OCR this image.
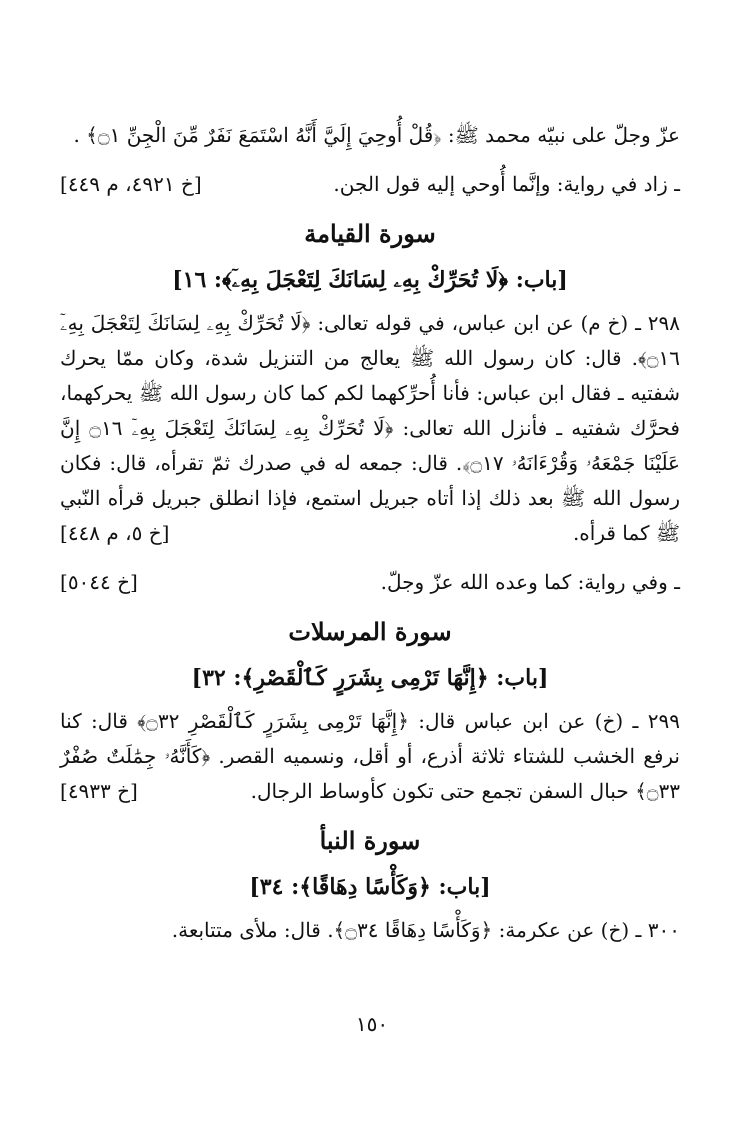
عزّ وجلّ على نبيّه محمد ﷺ: ﴿قُلْ أُوحِيَ إِلَيَّ أَنَّهُ اسْتَمَعَ نَفَرٌ مِّنَ الْجِنِّ ۝١﴾ .

ـ زاد في رواية: وإنَّما أُوحي إليه قول الجن.
[خ ٤٩٢١، م ٤٤٩]

سورة القيامة
[باب: ﴿لَا تُحَرِّكْ بِهِۦ لِسَانَكَ لِتَعْجَلَ بِهِۦٓ﴾: ١٦]

٢٩٨ ـ (خ م) عن ابن عباس، في قوله تعالى: ﴿لَا تُحَرِّكْ بِهِۦ لِسَانَكَ لِتَعْجَلَ بِهِۦٓ ۝١٦﴾. قال: كان رسول الله ﷺ يعالج من التنزيل شدة، وكان ممّا يحرك شفتيه ـ فقال ابن عباس: فأنا أُحرِّكهما لكم كما كان رسول الله ﷺ يحركهما، فحرَّك شفتيه ـ فأنزل الله تعالى: ﴿لَا تُحَرِّكْ بِهِۦ لِسَانَكَ لِتَعْجَلَ بِهِۦٓ ۝١٦ إِنَّ عَلَيْنَا جَمْعَهُۥ وَقُرْءَانَهُۥ ۝١٧﴾. قال: جمعه له في صدرك ثمّ تقرأه، قال: فكان رسول الله ﷺ بعد ذلك إذا أتاه جبريل استمع، فإذا انطلق جبريل قرأه النّبي ﷺ كما قرأه.
[خ ٥، م ٤٤٨]

ـ وفي رواية: كما وعده الله عزّ وجلّ.
[خ ٥٠٤٤]

سورة المرسلات
[باب: ﴿إِنَّهَا تَرْمِى بِشَرَرٍ كَٱلْقَصْرِ﴾: ٣٢]

٢٩٩ ـ (خ) عن ابن عباس قال: ﴿إِنَّهَا تَرْمِى بِشَرَرٍ كَٱلْقَصْرِ ۝٣٢﴾ قال: كنا نرفع الخشب للشتاء ثلاثة أذرع، أو أقل، ونسميه القصر. ﴿كَأَنَّهُۥ جِمَٰلَتٌ صُفْرٌ ۝٣٣﴾ حبال السفن تجمع حتى تكون كأوساط الرجال.
[خ ٤٩٣٣]

سورة النبأ
[باب: ﴿وَكَأْسًا دِهَاقًا﴾: ٣٤]

٣٠٠ ـ (خ) عن عكرمة: ﴿وَكَأْسًا دِهَاقًا ۝٣٤﴾. قال: ملأى متتابعة.

١٥٠
